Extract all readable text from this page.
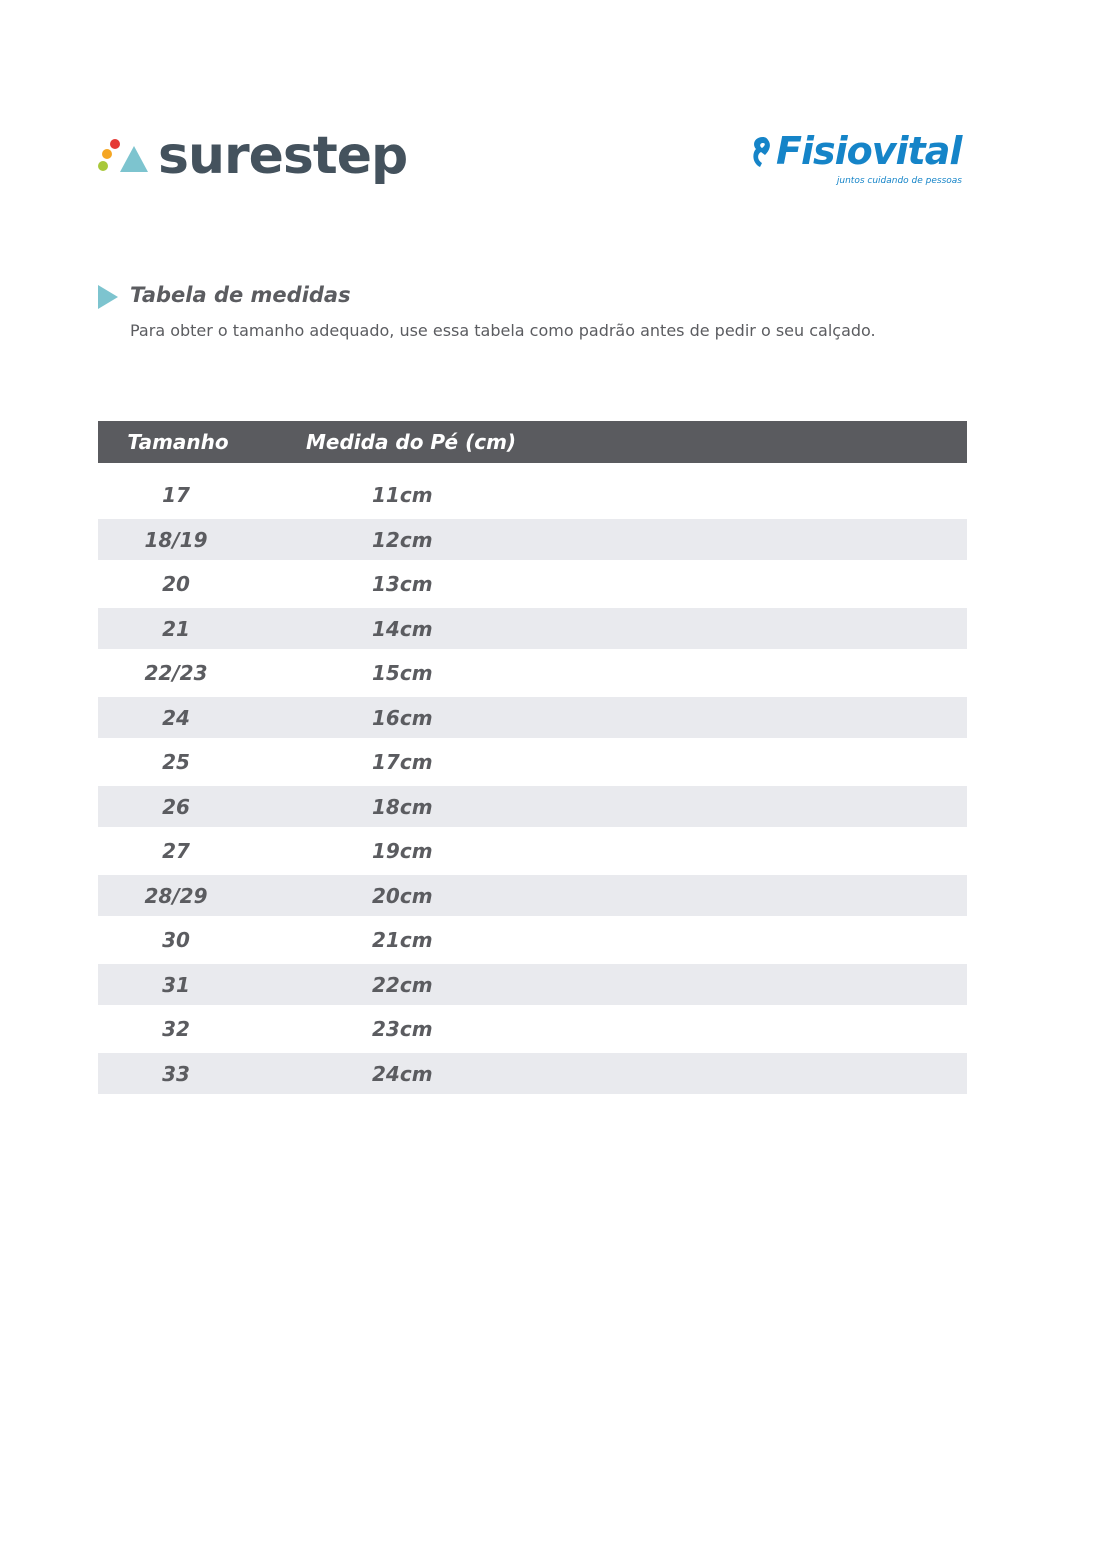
surestep	Fisiovital
juntos cuidando de pessoas
Tabela de medidas
Para obter o tamanho adequado, use essa tabela como padrão antes de pedir o seu calçado.
Tamanho	Medida do Pé (cm)
17	11cm
18/19	12cm
20	13cm
21	14cm
22/23	15cm
24	16cm
25	17cm
26	18cm
27	19cm
28/29	20cm
30	21cm
31	22cm
32	23cm
33	24cm
